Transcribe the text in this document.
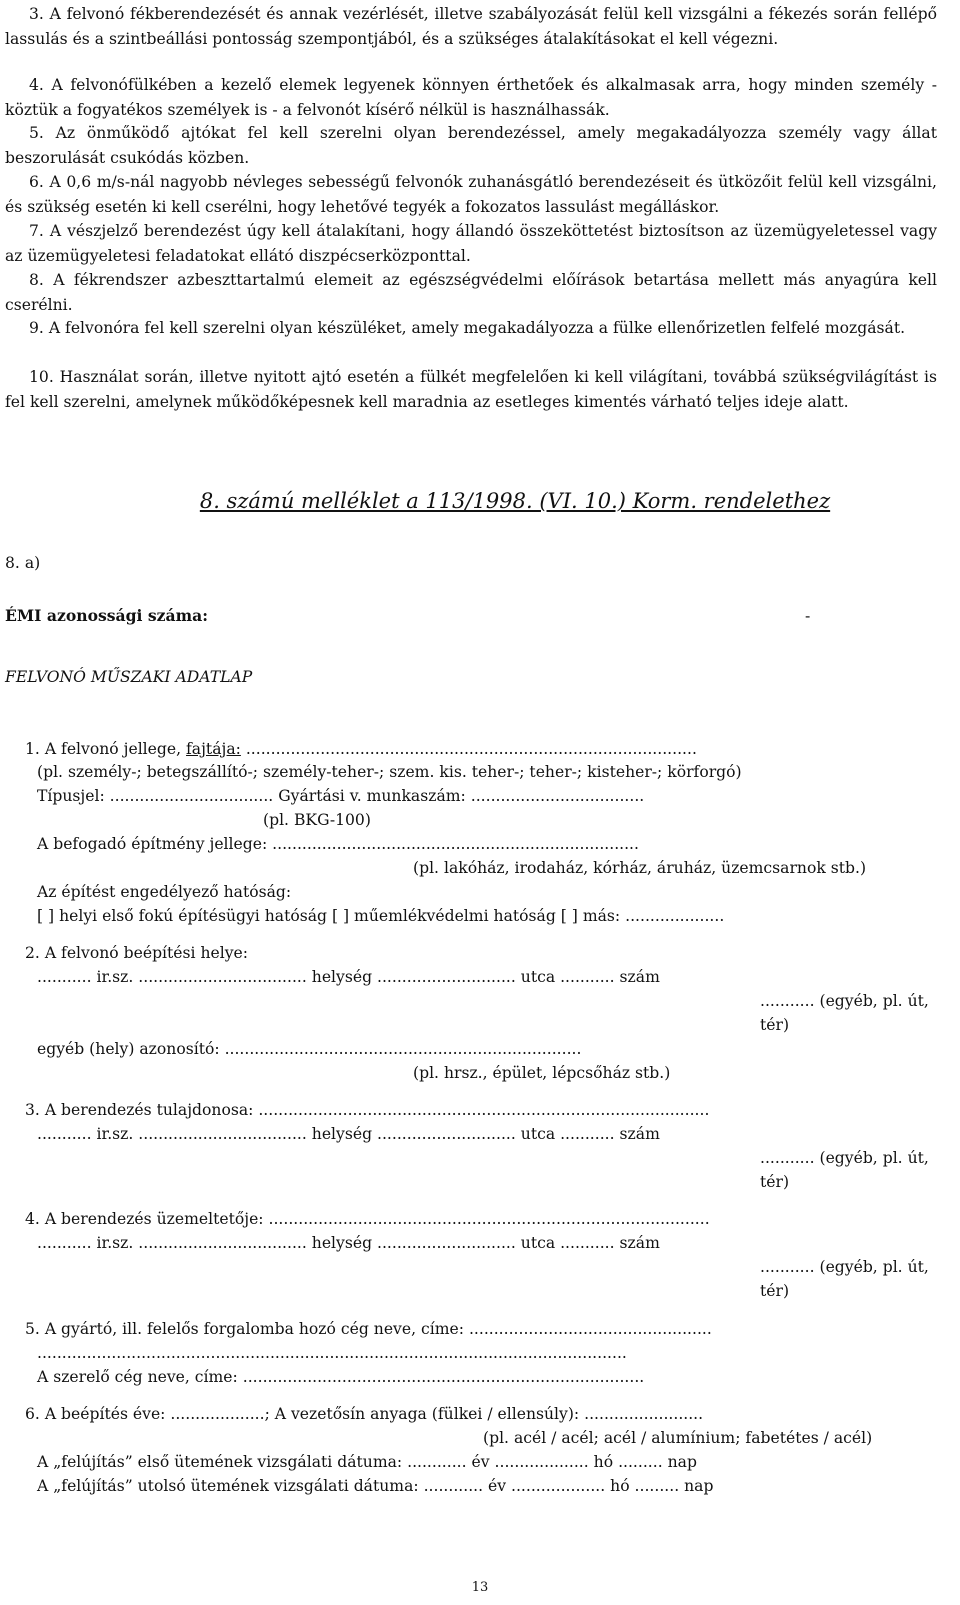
3. A felvonó fékberendezését és annak vezérlését, illetve szabályozását felül kell vizsgálni a fékezés során fellépő lassulás és a szintbeállási pontosság szempontjából, és a szükséges átalakításokat el kell végezni.

4. A felvonófülkében a kezelő elemek legyenek könnyen érthetőek és alkalmasak arra, hogy minden személy - köztük a fogyatékos személyek is - a felvonót kísérő nélkül is használhassák.

5. Az önműködő ajtókat fel kell szerelni olyan berendezéssel, amely megakadályozza személy vagy állat beszorulását csukódás közben.

6. A 0,6 m/s-nál nagyobb névleges sebességű felvonók zuhanásgátló berendezéseit és ütközőit felül kell vizsgálni, és szükség esetén ki kell cserélni, hogy lehetővé tegyék a fokozatos lassulást megálláskor.

7. A vészjelző berendezést úgy kell átalakítani, hogy állandó összeköttetést biztosítson az üzemügyeletessel vagy az üzemügyeletesi feladatokat ellátó diszpécserközponttal.

8. A fékrendszer azbeszttartalmú elemeit az egészségvédelmi előírások betartása mellett más anyagúra kell cserélni.

9. A felvonóra fel kell szerelni olyan készüléket, amely megakadályozza a fülke ellenőrizetlen felfelé mozgását.

10. Használat során, illetve nyitott ajtó esetén a fülkét megfelelően ki kell világítani, továbbá szükségvilágítást is fel kell szerelni, amelynek működőképesnek kell maradnia az esetleges kimentés várható teljes ideje alatt.

8. számú melléklet a 113/1998. (VI. 10.) Korm. rendelethez

8. a)

ÉMI azonossági száma:	-

FELVONÓ MŰSZAKI ADATLAP

1. A felvonó jellege, fajtája: ...........................................................................................

(pl. személy-; betegszállító-; személy-teher-; szem. kis. teher-; teher-; kisteher-; körforgó)

Típusjel: ................................. Gyártási v. munkaszám: ...................................

(pl. BKG-100)

A befogadó építmény jellege: ..........................................................................

(pl. lakóház, irodaház, kórház, áruház, üzemcsarnok stb.)

Az építést engedélyező hatóság:

[ ] helyi első fokú építésügyi hatóság [ ] műemlékvédelmi hatóság [ ] más: ....................

2. A felvonó beépítési helye:

........... ir.sz. .................................. helység ............................ utca ........... szám

........... (egyéb, pl. út,

tér)

egyéb (hely) azonosító: ........................................................................

(pl. hrsz., épület, lépcsőház stb.)

3. A berendezés tulajdonosa: ...........................................................................................

........... ir.sz. .................................. helység ............................ utca ........... szám

........... (egyéb, pl. út,

tér)

4. A berendezés üzemeltetője: .........................................................................................

........... ir.sz. .................................. helység ............................ utca ........... szám

........... (egyéb, pl. út,

tér)

5. A gyártó, ill. felelős forgalomba hozó cég neve, címe: .................................................

.......................................................................................................................

A szerelő cég neve, címe: .................................................................................

6. A beépítés éve: ...................; A vezetősín anyaga (fülkei / ellensúly): ........................

(pl. acél / acél; acél / alumínium; fabetétes / acél)

A „felújítás” első ütemének vizsgálati dátuma: ............ év ................... hó ......... nap

A „felújítás” utolsó ütemének vizsgálati dátuma: ............ év ................... hó ......... nap

13
